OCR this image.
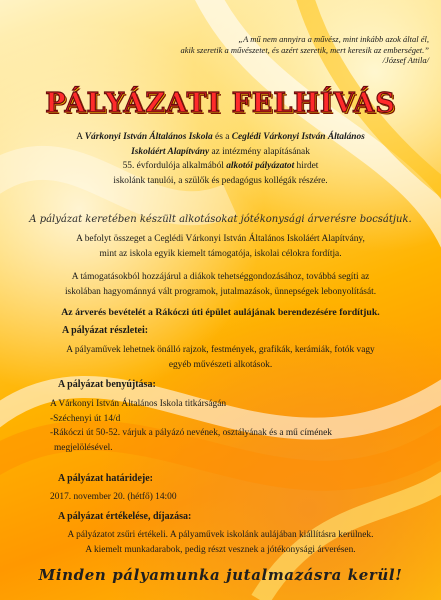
„A mű nem annyira a művész, mint inkább azok által él,
akik szeretik a művészetet, és azért szeretik, mert keresik az emberséget.”
/József Attila/
PÁLYÁZATI FELHÍVÁS
A Várkonyi István Általános Iskola és a Ceglédi Várkonyi István Általános
Iskoláért Alapítvány az intézmény alapításának
55. évfordulója alkalmából alkotói pályázatot hirdet
iskolánk tanulói, a szülők és pedagógus kollégák részére.
A pályázat keretében készült alkotásokat jótékonysági árverésre bocsátjuk.
A befolyt összeget a Ceglédi Várkonyi István Általános Iskoláért Alapítvány,
mint az iskola egyik kiemelt támogatója, iskolai célokra fordítja.
A támogatásokból hozzájárul a diákok tehetséggondozásához, továbbá segíti az
iskolában hagyománnyá vált programok, jutalmazások, ünnepségek lebonyolítását.
Az árverés bevételét a Rákóczi úti épület aulájának berendezésére fordítjuk.
A pályázat részletei:
A pályaművek lehetnek önálló rajzok, festmények, grafikák, kerámiák, fotók vagy
egyéb művészeti alkotások.
A pályázat benyújtása:
A Várkonyi István Általános Iskola titkárságán
-Széchenyi út 14/d
-Rákóczi út 50-52. várjuk a pályázó nevének, osztályának és a mű címének
megjelölésével.
A pályázat határideje:
2017. november 20. (hétfő) 14:00
A pályázat értékelése, díjazása:
A pályázatot zsűri értékeli. A pályaművek iskolánk aulájában kiállításra kerülnek.
A kiemelt munkadarabok, pedig részt vesznek a jótékonysági árverésen.
Minden pályamunka jutalmazásra kerül!
